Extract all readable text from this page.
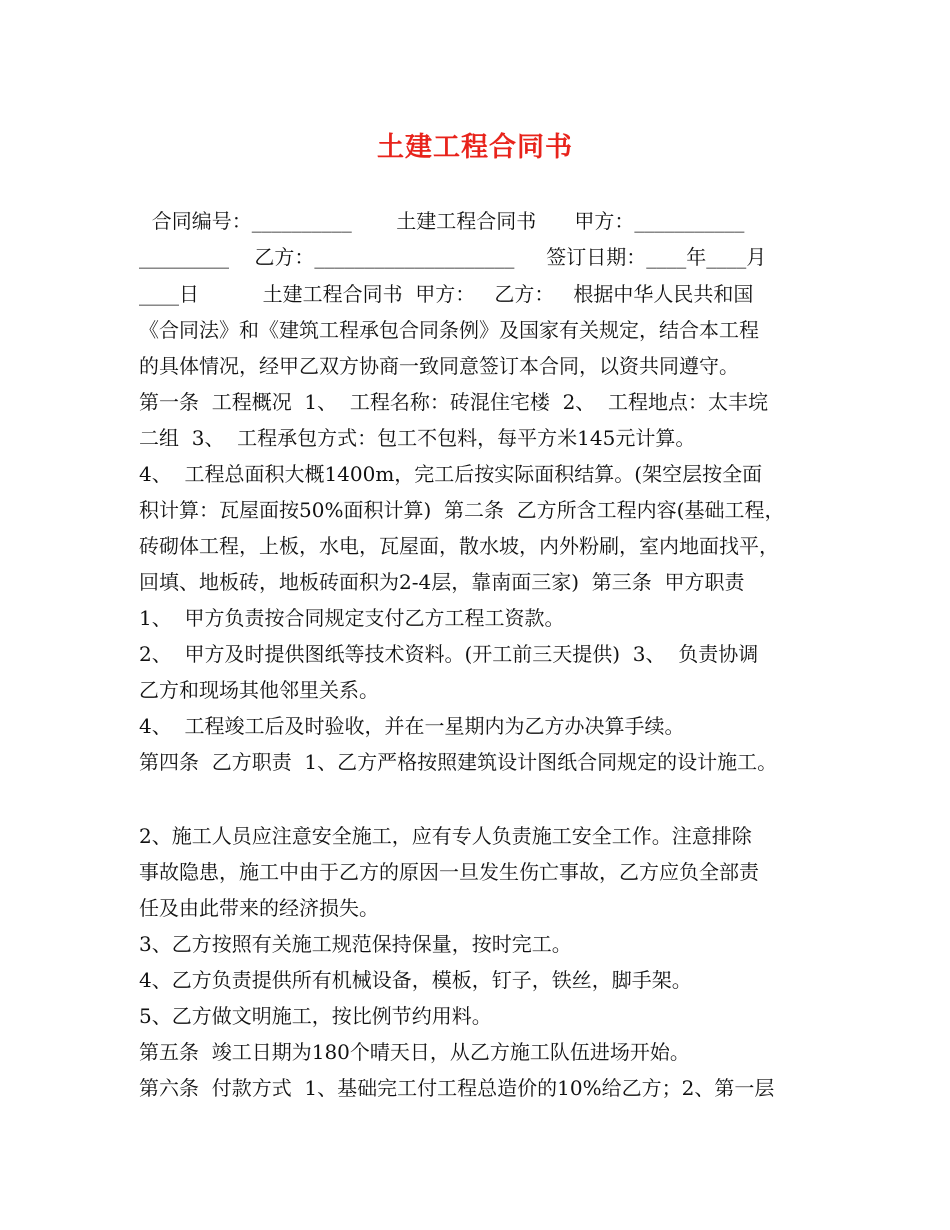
土建工程合同书
合同编号：__________       土建工程合同书      甲方：___________
_________    乙方：____________________     签订日期：____年____月
____日          土建工程合同书  甲方：   乙方：   根据中华人民共和国
《合同法》和《建筑工程承包合同条例》及国家有关规定，结合本工程
的具体情况，经甲乙双方协商一致同意签订本合同，以资共同遵守。
第一条  工程概况  1、  工程名称：砖混住宅楼  2、  工程地点：太丰垸
二组  3、  工程承包方式：包工不包料，每平方米145元计算。
4、  工程总面积大概1400m，完工后按实际面积结算。(架空层按全面
积计算：瓦屋面按50%面积计算)  第二条  乙方所含工程内容(基础工程，
砖砌体工程，上板，水电，瓦屋面，散水坡，内外粉刷，室内地面找平，
回填、地板砖，地板砖面积为2-4层，靠南面三家)  第三条  甲方职责
1、  甲方负责按合同规定支付乙方工程工资款。
2、  甲方及时提供图纸等技术资料。(开工前三天提供)  3、  负责协调
乙方和现场其他邻里关系。
4、  工程竣工后及时验收，并在一星期内为乙方办决算手续。
第四条  乙方职责  1、乙方严格按照建筑设计图纸合同规定的设计施工。
2、施工人员应注意安全施工，应有专人负责施工安全工作。注意排除
事故隐患，施工中由于乙方的原因一旦发生伤亡事故，乙方应负全部责
任及由此带来的经济损失。
3、乙方按照有关施工规范保持保量，按时完工。
4、乙方负责提供所有机械设备，模板，钉子，铁丝，脚手架。
5、乙方做文明施工，按比例节约用料。
第五条  竣工日期为180个晴天日，从乙方施工队伍进场开始。
第六条  付款方式  1、基础完工付工程总造价的10%给乙方；2、第一层
